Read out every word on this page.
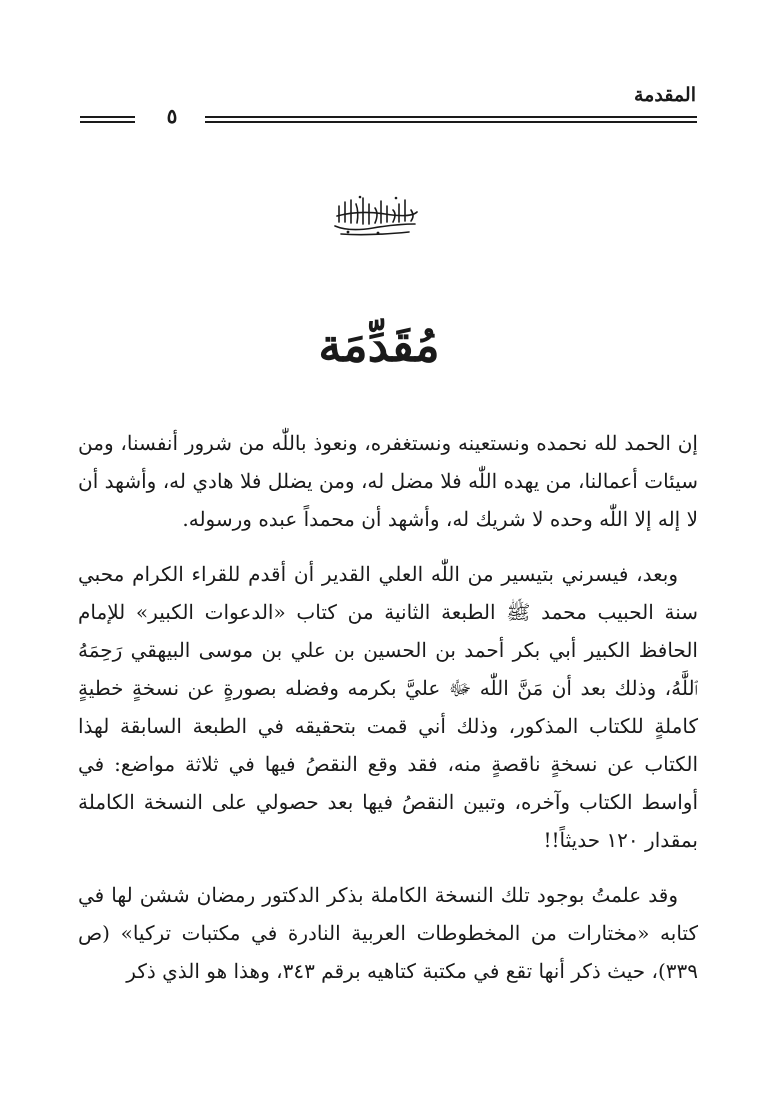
المقدمة
٥
مُقَدِّمَة

إن الحمد لله نحمده ونستعينه ونستغفره، ونعوذ باللّٰه من شرور أنفسنا، ومن سيئات أعمالنا، من يهده اللّٰه فلا مضل له، ومن يضلل فلا هادي له، وأشهد أن لا إله إلا اللّٰه وحده لا شريك له، وأشهد أن محمداً عبده ورسوله.

وبعد، فيسرني بتيسير من اللّٰه العلي القدير أن أقدم للقراء الكرام محبي سنة الحبيب محمد ﷺ الطبعة الثانية من كتاب «الدعوات الكبير» للإمام الحافظ الكبير أبي بكر أحمد بن الحسين بن علي بن موسى البيهقي رَحِمَهُ ٱللَّٰهُ، وذلك بعد أن مَنَّ اللّٰه ﷻ عليَّ بكرمه وفضله بصورةٍ عن نسخةٍ خطيةٍ كاملةٍ للكتاب المذكور، وذلك أني قمت بتحقيقه في الطبعة السابقة لهذا الكتاب عن نسخةٍ ناقصةٍ منه، فقد وقع النقصُ فيها في ثلاثة مواضع: في أواسط الكتاب وآخره، وتبين النقصُ فيها بعد حصولي على النسخة الكاملة بمقدار ١٢٠ حديثاً!!

وقد علمتُ بوجود تلك النسخة الكاملة بذكر الدكتور رمضان ششن لها في كتابه «مختارات من المخطوطات العربية النادرة في مكتبات تركيا» (ص ٣٣٩)، حيث ذكر أنها تقع في مكتبة كتاهيه برقم ٣٤٣، وهذا هو الذي ذكر
